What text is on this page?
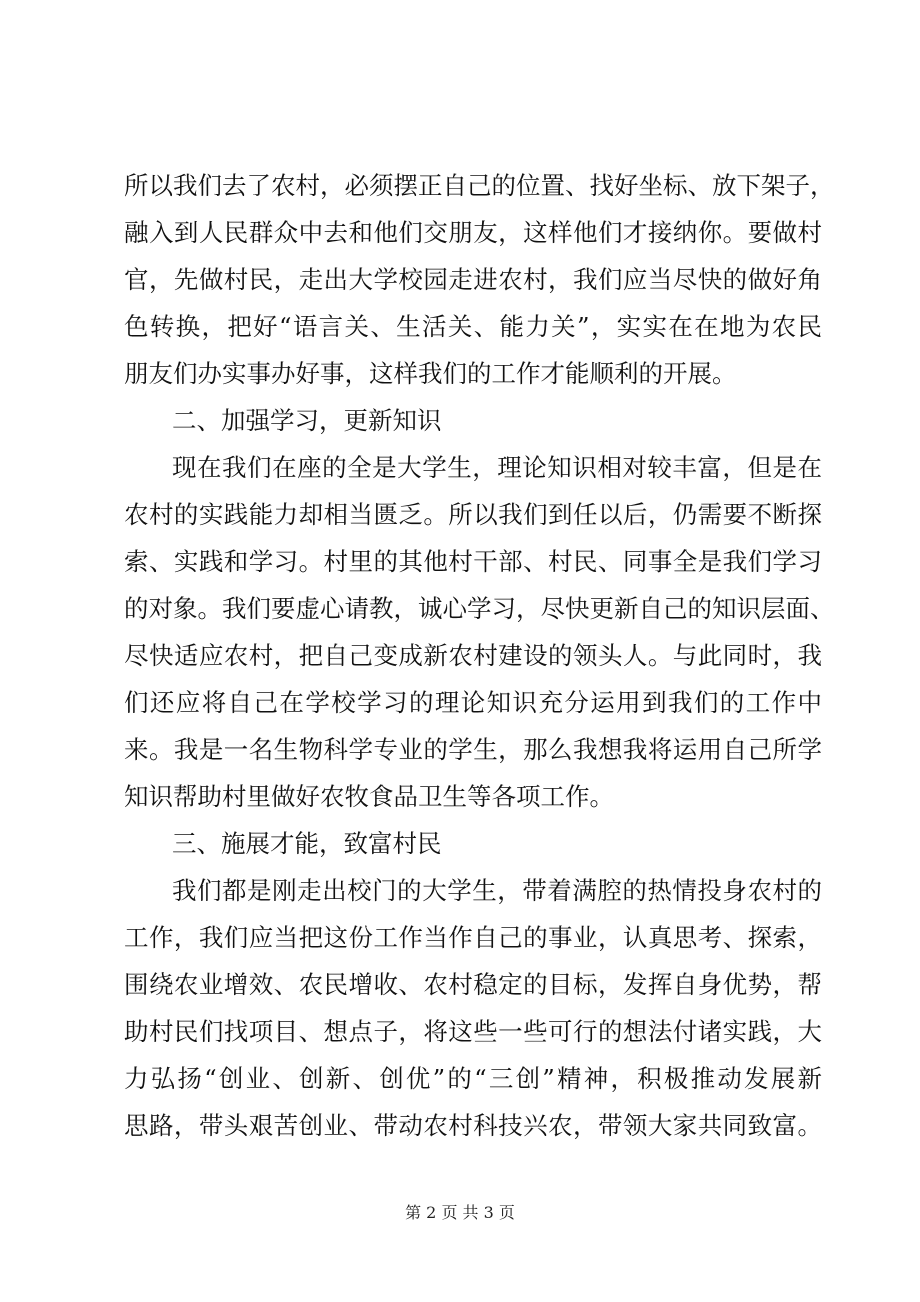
所以我们去了农村，必须摆正自己的位置、找好坐标、放下架子，
融入到人民群众中去和他们交朋友，这样他们才接纳你。要做村
官，先做村民，走出大学校园走进农村，我们应当尽快的做好角
色转换，把好“语言关、生活关、能力关”，实实在在地为农民
朋友们办实事办好事，这样我们的工作才能顺利的开展。
二、加强学习，更新知识
现在我们在座的全是大学生，理论知识相对较丰富，但是在
农村的实践能力却相当匮乏。所以我们到任以后，仍需要不断探
索、实践和学习。村里的其他村干部、村民、同事全是我们学习
的对象。我们要虚心请教，诚心学习，尽快更新自己的知识层面、
尽快适应农村，把自己变成新农村建设的领头人。与此同时，我
们还应将自己在学校学习的理论知识充分运用到我们的工作中
来。我是一名生物科学专业的学生，那么我想我将运用自己所学
知识帮助村里做好农牧食品卫生等各项工作。
三、施展才能，致富村民
我们都是刚走出校门的大学生，带着满腔的热情投身农村的
工作，我们应当把这份工作当作自己的事业，认真思考、探索，
围绕农业增效、农民增收、农村稳定的目标，发挥自身优势，帮
助村民们找项目、想点子，将这些一些可行的想法付诸实践，大
力弘扬“创业、创新、创优”的“三创”精神，积极推动发展新
思路，带头艰苦创业、带动农村科技兴农，带领大家共同致富。
第 2 页 共 3 页
